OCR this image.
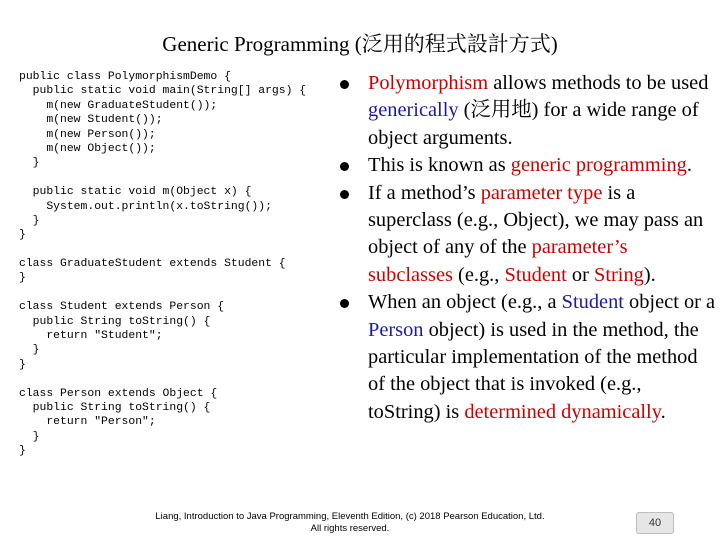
Generic Programming (泛用的程式設計方式)
public class PolymorphismDemo {
public static void main(String[] args) {
m(new GraduateStudent());
m(new Student());
m(new Person());
m(new Object());
}
public static void m(Object x) {
System.out.println(x.toString());
}
}
class GraduateStudent extends Student {
}
class Student extends Person {
public String toString() {
return "Student";
}
}
class Person extends Object {
public String toString() {
return "Person";
}
}
Polymorphism allows methods to be used generically (泛用地) for a wide range of object arguments.
This is known as generic programming.
If a method’s parameter type is a superclass (e.g., Object), we may pass an object of any of the parameter’s subclasses (e.g., Student or String).
When an object (e.g., a Student object or a Person object) is used in the method, the particular implementation of the method of the object that is invoked (e.g., toString) is determined dynamically.
Liang, Introduction to Java Programming, Eleventh Edition, (c) 2018 Pearson Education, Ltd.
All rights reserved.	40
